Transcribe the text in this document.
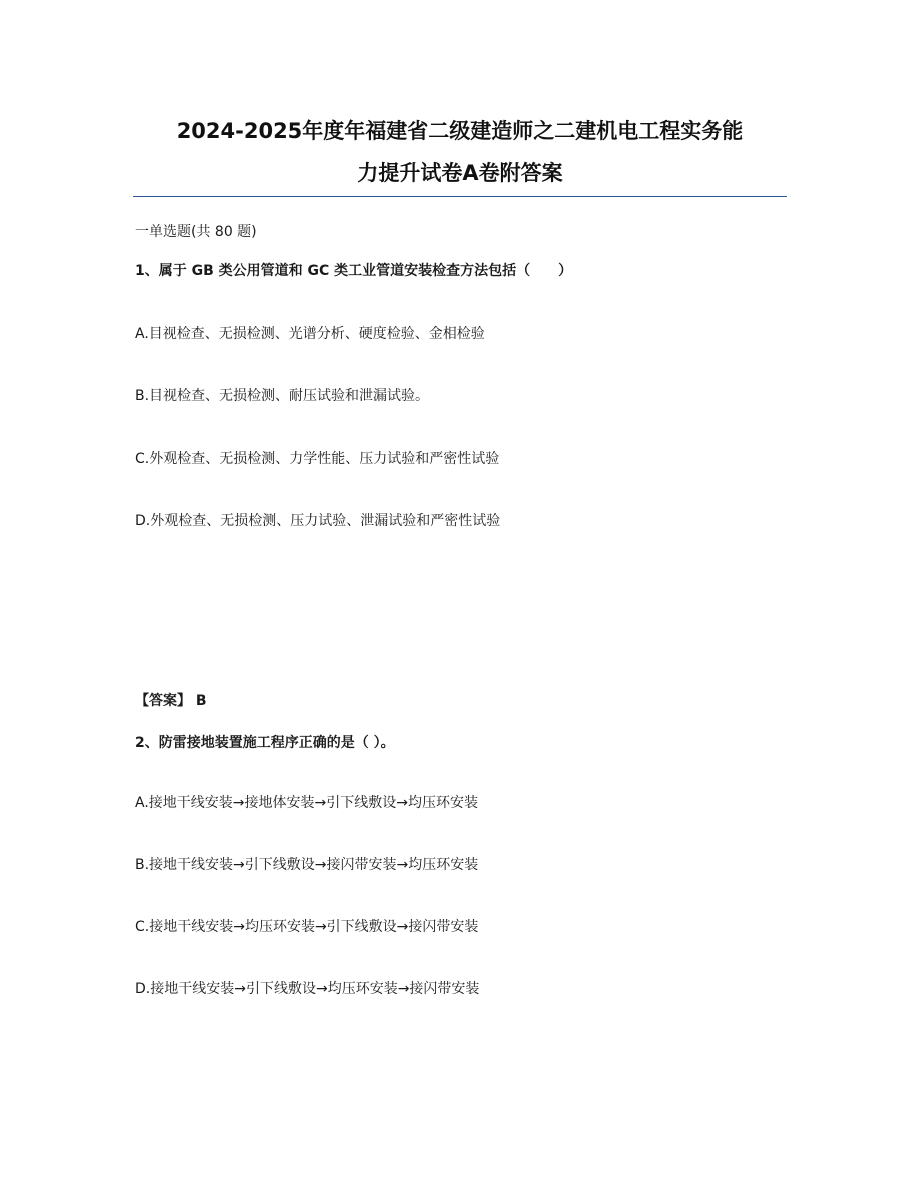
2024-2025年度年福建省二级建造师之二建机电工程实务能
力提升试卷A卷附答案
一单选题(共 80 题)
1、属于 GB 类公用管道和 GC 类工业管道安装检查方法包括（　　）
A.目视检查、无损检测、光谱分析、硬度检验、金相检验
B.目视检查、无损检测、耐压试验和泄漏试验。
C.外观检查、无损检测、力学性能、压力试验和严密性试验
D.外观检查、无损检测、压力试验、泄漏试验和严密性试验
【答案】 B
2、防雷接地装置施工程序正确的是（ ）。
A.接地干线安装→接地体安装→引下线敷设→均压环安装
B.接地干线安装→引下线敷设→接闪带安装→均压环安装
C.接地干线安装→均压环安装→引下线敷设→接闪带安装
D.接地干线安装→引下线敷设→均压环安装→接闪带安装
